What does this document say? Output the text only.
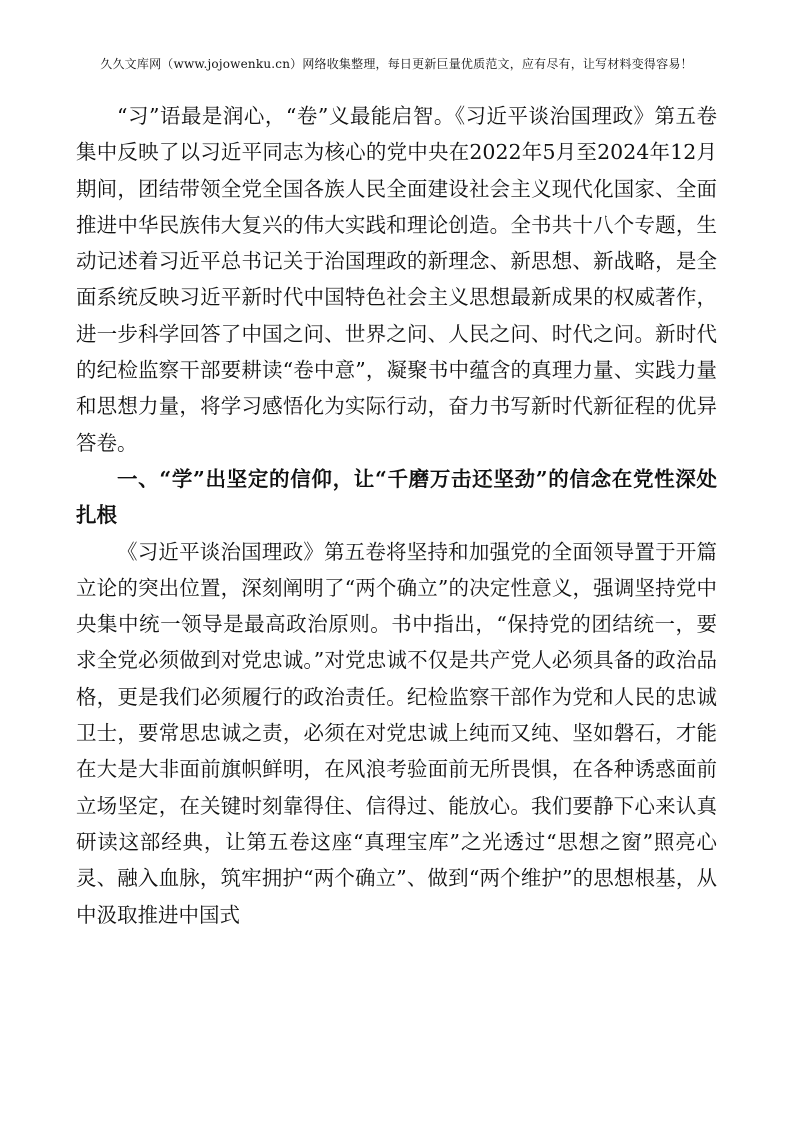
久久文库网（www.jojowenku.cn）网络收集整理，每日更新巨量优质范文，应有尽有，让写材料变得容易！

“习”语最是润心，“卷”义最能启智。《习近平谈治国理政》第五卷集中反映了以习近平同志为核心的党中央在2022年5月至2024年12月期间，团结带领全党全国各族人民全面建设社会主义现代化国家、全面推进中华民族伟大复兴的伟大实践和理论创造。全书共十八个专题，生动记述着习近平总书记关于治国理政的新理念、新思想、新战略，是全面系统反映习近平新时代中国特色社会主义思想最新成果的权威著作，进一步科学回答了中国之问、世界之问、人民之问、时代之问。新时代的纪检监察干部要耕读“卷中意”，凝聚书中蕴含的真理力量、实践力量和思想力量，将学习感悟化为实际行动，奋力书写新时代新征程的优异答卷。

一、“学”出坚定的信仰，让“千磨万击还坚劲”的信念在党性深处扎根

《习近平谈治国理政》第五卷将坚持和加强党的全面领导置于开篇立论的突出位置，深刻阐明了“两个确立”的决定性意义，强调坚持党中央集中统一领导是最高政治原则。书中指出，“保持党的团结统一，要求全党必须做到对党忠诚。”对党忠诚不仅是共产党人必须具备的政治品格，更是我们必须履行的政治责任。纪检监察干部作为党和人民的忠诚卫士，要常思忠诚之责，必须在对党忠诚上纯而又纯、坚如磐石，才能在大是大非面前旗帜鲜明，在风浪考验面前无所畏惧，在各种诱惑面前立场坚定，在关键时刻靠得住、信得过、能放心。我们要静下心来认真研读这部经典，让第五卷这座“真理宝库”之光透过“思想之窗”照亮心灵、融入血脉，筑牢拥护“两个确立”、做到“两个维护”的思想根基，从中汲取推进中国式
